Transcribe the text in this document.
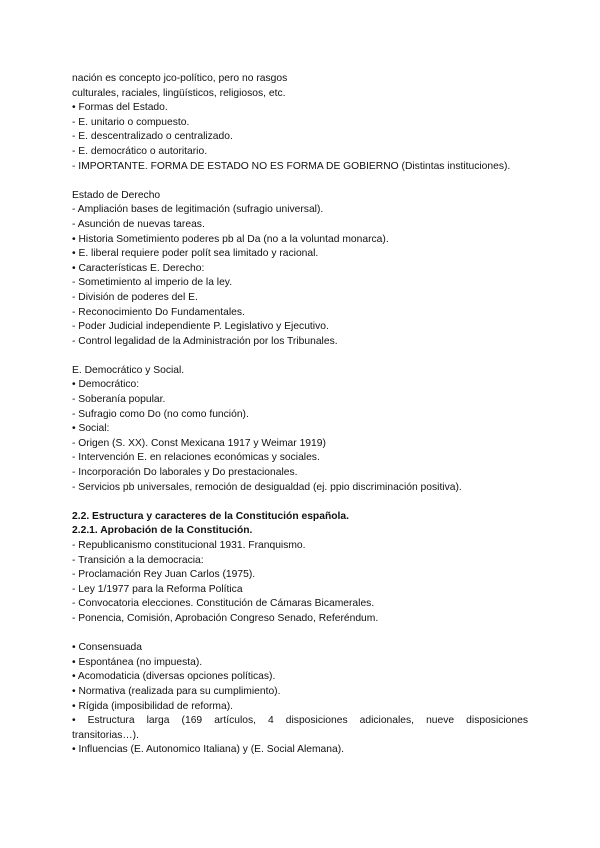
nación es concepto jco-político, pero no rasgos
culturales, raciales, lingüísticos, religiosos, etc.
• Formas del Estado.
- E. unitario o compuesto.
- E. descentralizado o centralizado.
- E. democrático o autoritario.
- IMPORTANTE. FORMA DE ESTADO NO ES FORMA DE GOBIERNO (Distintas instituciones).
Estado de Derecho
- Ampliación bases de legitimación (sufragio universal).
- Asunción de nuevas tareas.
• Historia Sometimiento poderes pb al Da (no a la voluntad monarca).
• E. liberal requiere poder polít sea limitado y racional.
• Características E. Derecho:
- Sometimiento al imperio de la ley.
- División de poderes del E.
- Reconocimiento Do Fundamentales.
- Poder Judicial independiente P. Legislativo y Ejecutivo.
- Control legalidad de la Administración por los Tribunales.
E. Democrático y Social.
• Democrático:
- Soberanía popular.
- Sufragio como Do (no como función).
• Social:
- Origen (S. XX). Const Mexicana 1917 y Weimar 1919)
- Intervención E. en relaciones económicas y sociales.
- Incorporación Do laborales y Do prestacionales.
- Servicios pb universales, remoción de desigualdad (ej. ppio discriminación positiva).
2.2. Estructura y caracteres de la Constitución española.
2.2.1. Aprobación de la Constitución.
- Republicanismo constitucional 1931. Franquismo.
- Transición a la democracia:
- Proclamación Rey Juan Carlos (1975).
- Ley 1/1977 para la Reforma Política
- Convocatoria elecciones. Constitución de Cámaras Bicamerales.
- Ponencia, Comisión, Aprobación Congreso Senado, Referéndum.
• Consensuada
• Espontánea (no impuesta).
• Acomodaticia (diversas opciones políticas).
• Normativa (realizada para su cumplimiento).
• Rígida (imposibilidad de reforma).
• Estructura larga (169 artículos, 4 disposiciones adicionales, nueve disposiciones
transitorias…).
• Influencias (E. Autonomico Italiana) y (E. Social Alemana).
